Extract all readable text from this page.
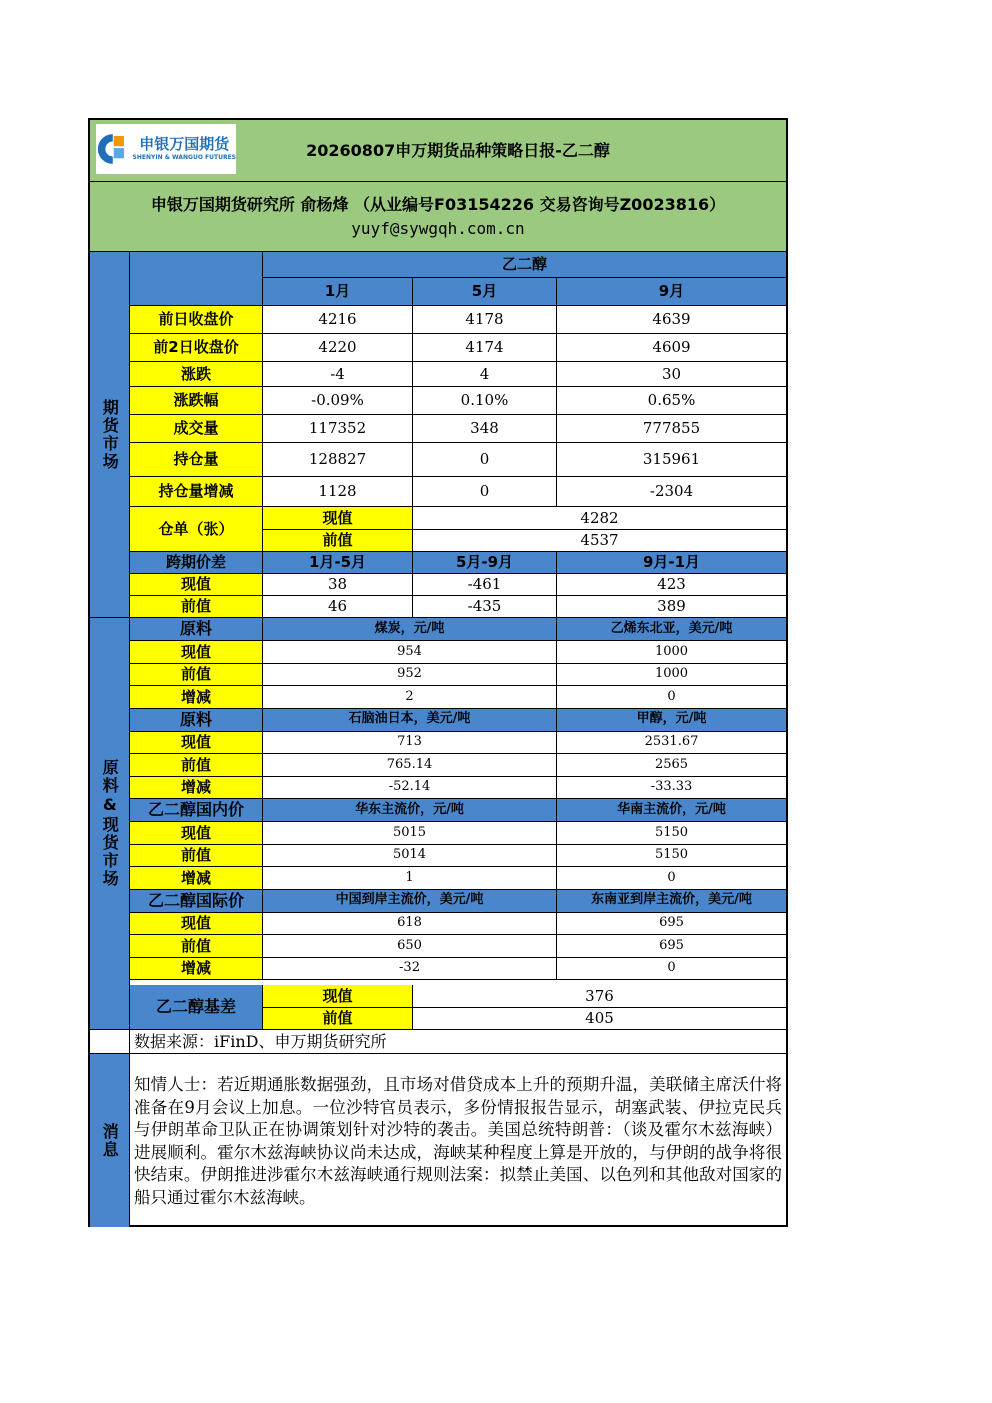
申银万国期货
SHENYIN & WANGUO FUTURES	20260807申万期货品种策略日报-乙二醇
申银万国期货研究所 俞杨烽 （从业编号F03154226 交易咨询号Z0023816）
yuyf@sywgqh.com.cn
期货市场
乙二醇
1月	5月	9月
前日收盘价	4216	4178	4639
前2日收盘价	4220	4174	4609
涨跌	-4	4	30
涨跌幅	-0.09%	0.10%	0.65%
成交量	117352	348	777855
持仓量	128827	0	315961
持仓量增减	1128	0	-2304
仓单（张）
现值	4282
前值	4537
跨期价差	1月-5月	5月-9月	9月-1月
现值	38	-461	423
前值	46	-435	389
原料&现货市场
原料	煤炭，元/吨	乙烯东北亚，美元/吨
现值	954	1000
前值	952	1000
增减	2	0
原料	石脑油日本，美元/吨	甲醇，元/吨
现值	713	2531.67
前值	765.14	2565
增减	-52.14	-33.33
乙二醇国内价	华东主流价，元/吨	华南主流价，元/吨
现值	5015	5150
前值	5014	5150
增减	1	0
乙二醇国际价	中国到岸主流价，美元/吨	东南亚到岸主流价，美元/吨
现值	618	695
前值	650	695
增减	-32	0
乙二醇基差
现值	376
前值	405
数据来源：iFinD、申万期货研究所
消息
知情人士：若近期通胀数据强劲，且市场对借贷成本上升的预期升温，美联储主席沃什将准备在9月会议上加息。一位沙特官员表示，多份情报报告显示，胡塞武装、伊拉克民兵与伊朗革命卫队正在协调策划针对沙特的袭击。美国总统特朗普：（谈及霍尔木兹海峡）进展顺利。霍尔木兹海峡协议尚未达成，海峡某种程度上算是开放的，与伊朗的战争将很快结束。伊朗推进涉霍尔木兹海峡通行规则法案：拟禁止美国、以色列和其他敌对国家的船只通过霍尔木兹海峡。
